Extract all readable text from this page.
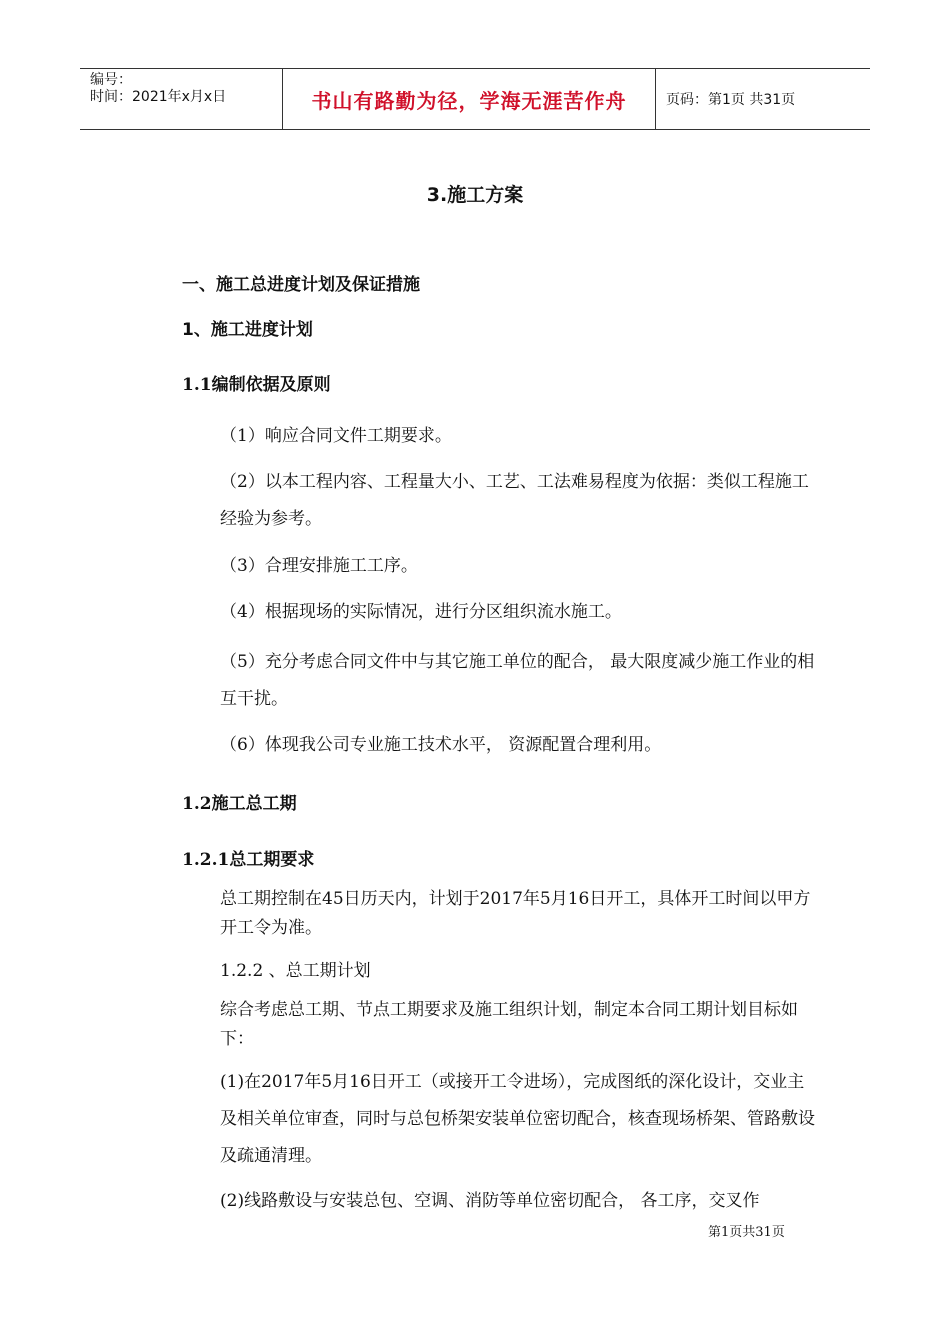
编号：
时间：2021年x月x日	书山有路勤为径，学海无涯苦作舟	页码：第1页 共31页
3.施工方案
一、施工总进度计划及保证措施
1、施工进度计划
1.1编制依据及原则
（1）响应合同文件工期要求。
（2）以本工程内容、工程量大小、工艺、工法难易程度为依据：类似工程施工经验为参考。
（3）合理安排施工工序。
（4）根据现场的实际情况，进行分区组织流水施工。
（5）充分考虑合同文件中与其它施工单位的配合， 最大限度减少施工作业的相互干扰。
（6）体现我公司专业施工技术水平， 资源配置合理利用。
1.2施工总工期
1.2.1总工期要求
总工期控制在45日历天内，计划于2017年5月16日开工，具体开工时间以甲方开工令为准。
1.2.2 、总工期计划
综合考虑总工期、节点工期要求及施工组织计划，制定本合同工期计划目标如下：
(1)在2017年5月16日开工（或接开工令进场），完成图纸的深化设计，交业主及相关单位审查，同时与总包桥架安装单位密切配合，核查现场桥架、管路敷设及疏通清理。
(2)线路敷设与安装总包、空调、消防等单位密切配合， 各工序，交叉作
第1页共31页
